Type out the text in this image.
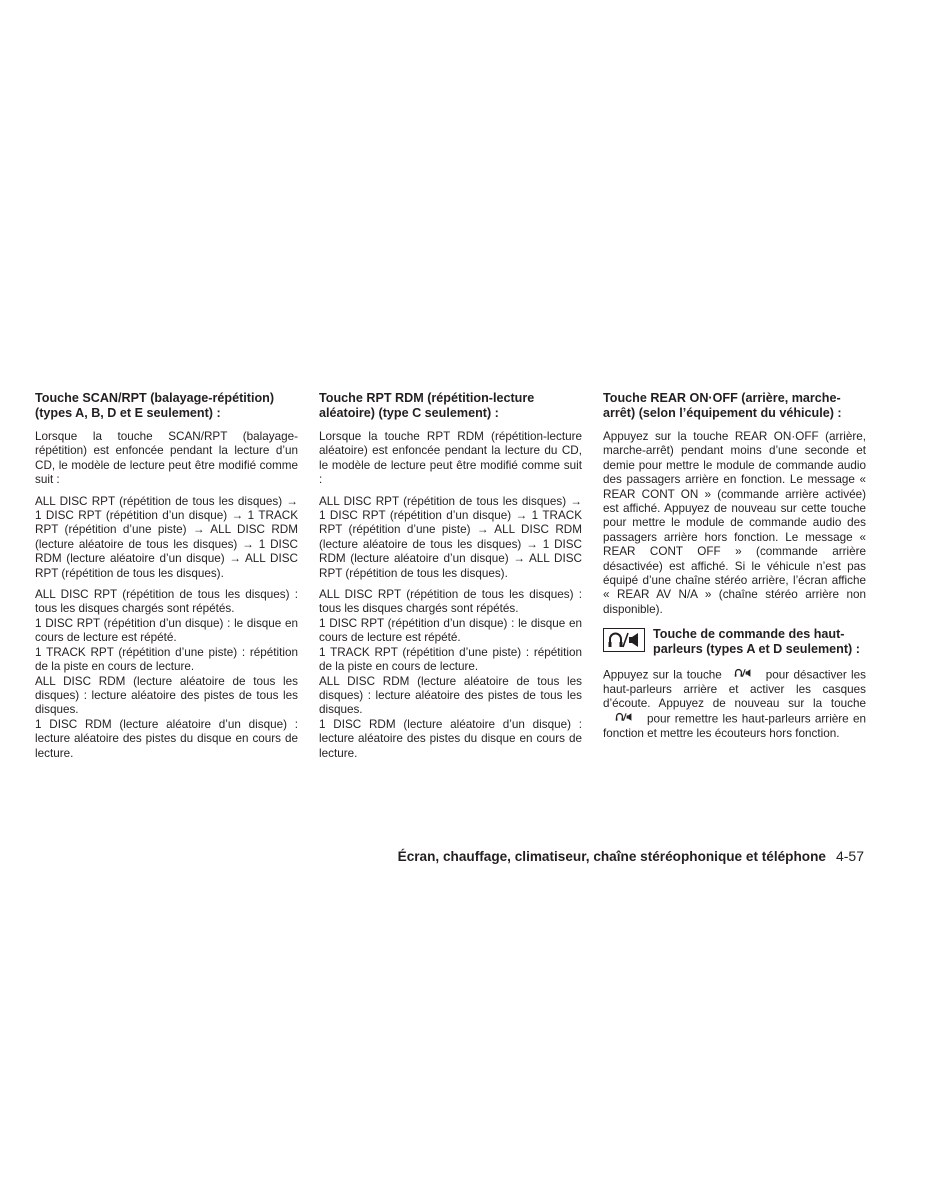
Touche SCAN/RPT (balayage-répétition) (types A, B, D et E seulement) :

Lorsque la touche SCAN/RPT (balayage-répétition) est enfoncée pendant la lecture d’un CD, le modèle de lecture peut être modifié comme suit :

ALL DISC RPT (répétition de tous les disques) → 1 DISC RPT (répétition d’un disque) → 1 TRACK RPT (répétition d’une piste) → ALL DISC RDM (lecture aléatoire de tous les disques) → 1 DISC RDM (lecture aléatoire d’un disque) → ALL DISC RPT (répétition de tous les disques).

ALL DISC RPT (répétition de tous les disques) : tous les disques chargés sont répétés.

1 DISC RPT (répétition d’un disque) : le disque en cours de lecture est répété.

1 TRACK RPT (répétition d’une piste) : répétition de la piste en cours de lecture.

ALL DISC RDM (lecture aléatoire de tous les disques) : lecture aléatoire des pistes de tous les disques.

1 DISC RDM (lecture aléatoire d’un disque) : lecture aléatoire des pistes du disque en cours de lecture.

Touche RPT RDM (répétition-lecture aléatoire) (type C seulement) :

Lorsque la touche RPT RDM (répétition-lecture aléatoire) est enfoncée pendant la lecture du CD, le modèle de lecture peut être modifié comme suit :

ALL DISC RPT (répétition de tous les disques) → 1 DISC RPT (répétition d’un disque) → 1 TRACK RPT (répétition d’une piste) → ALL DISC RDM (lecture aléatoire de tous les disques) → 1 DISC RDM (lecture aléatoire d’un disque) → ALL DISC RPT (répétition de tous les disques).

ALL DISC RPT (répétition de tous les disques) : tous les disques chargés sont répétés.

1 DISC RPT (répétition d’un disque) : le disque en cours de lecture est répété.

1 TRACK RPT (répétition d’une piste) : répétition de la piste en cours de lecture.

ALL DISC RDM (lecture aléatoire de tous les disques) : lecture aléatoire des pistes de tous les disques.

1 DISC RDM (lecture aléatoire d’un disque) : lecture aléatoire des pistes du disque en cours de lecture.

Touche REAR ON·OFF (arrière, marche-arrêt) (selon l’équipement du véhicule) :

Appuyez sur la touche REAR ON·OFF (arrière, marche-arrêt) pendant moins d’une seconde et demie pour mettre le module de commande audio des passagers arrière en fonction. Le message « REAR CONT ON » (commande arrière activée) est affiché. Appuyez de nouveau sur cette touche pour mettre le module de commande audio des passagers arrière hors fonction. Le message « REAR CONT OFF » (commande arrière désactivée) est affiché. Si le véhicule n’est pas équipé d’une chaîne stéréo arrière, l’écran affiche « REAR AV N/A » (chaîne stéréo arrière non disponible).

Touche de commande des haut-parleurs (types A et D seulement) :

Appuyez sur la touche	pour désactiver les haut-parleurs arrière et activer les casques d’écoute. Appuyez de nouveau sur la touchepour remettre les haut-parleurs arrière en fonction et mettre les écouteurs hors fonction.

Écran, chauffage, climatiseur, chaîne stéréophonique et téléphone 4-57
